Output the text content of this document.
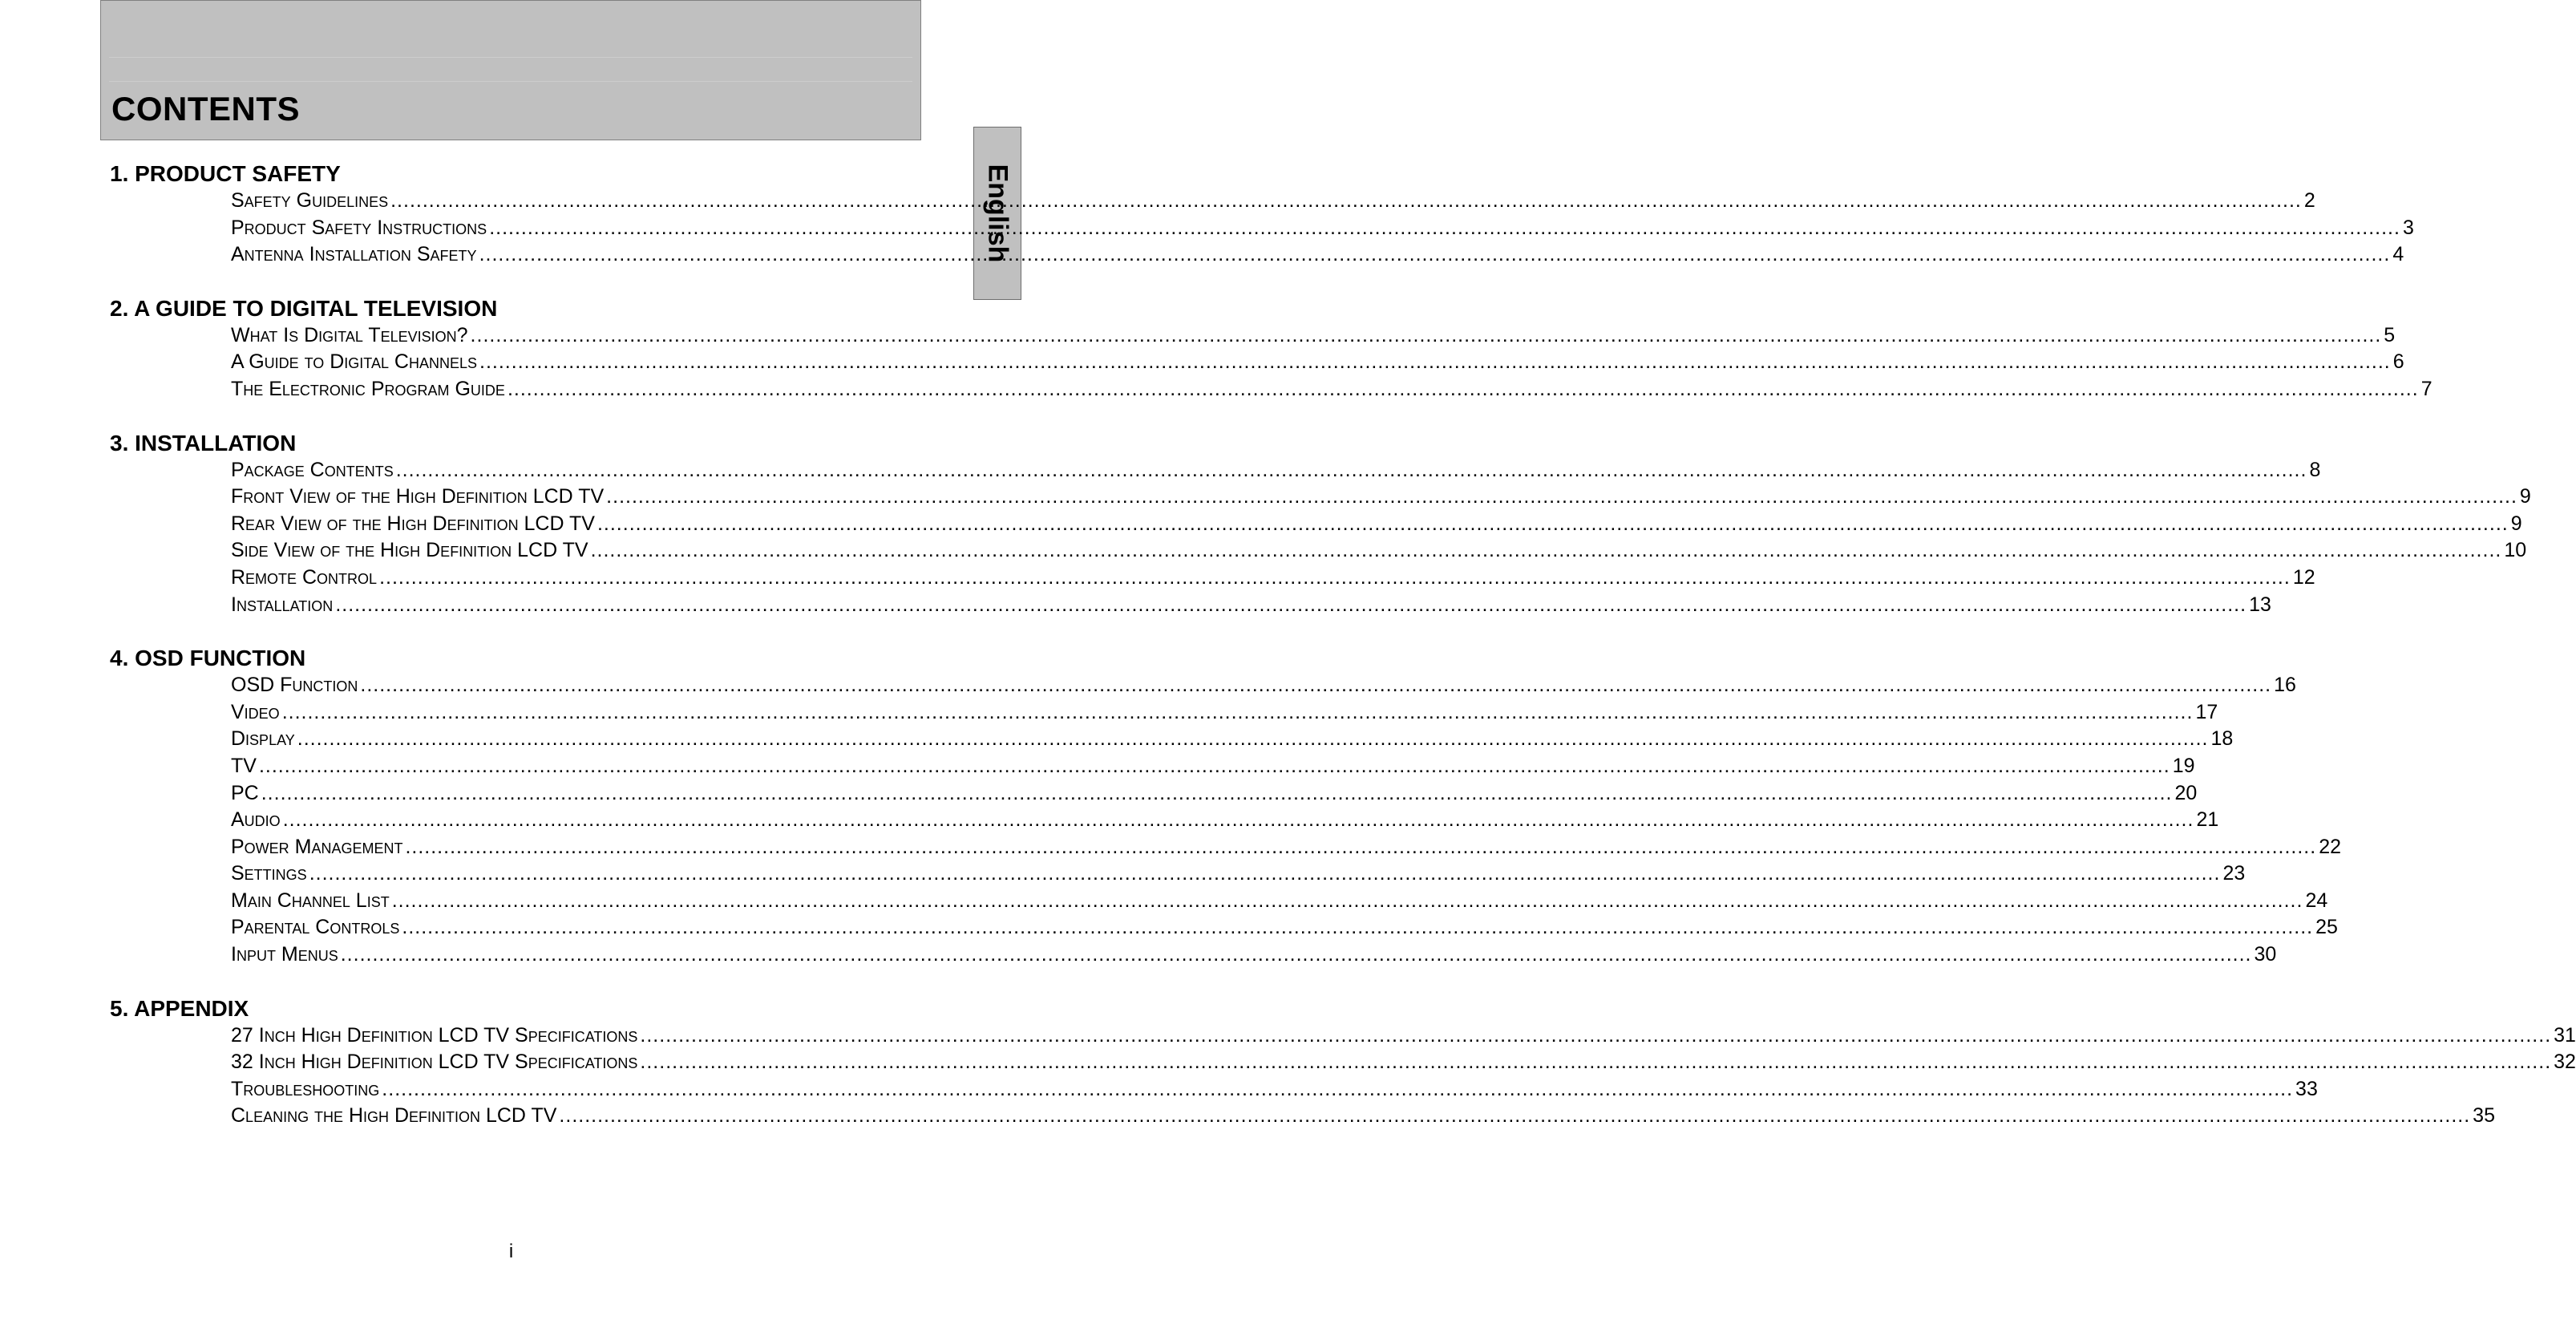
CONTENTS
English
1. PRODUCT SAFETY
Safety Guidelines ............................................................................................................................................................................................................................................................................................................ 2
Product Safety Instructions ............................................................................................................................................................................................................................................................................................................ 3
Antenna Installation Safety ............................................................................................................................................................................................................................................................................................................ 4
2. A GUIDE TO DIGITAL TELEVISION
What Is Digital Television? ............................................................................................................................................................................................................................................................................................................ 5
A Guide to Digital Channels ............................................................................................................................................................................................................................................................................................................ 6
The Electronic Program Guide ............................................................................................................................................................................................................................................................................................................ 7
3. INSTALLATION
Package Contents ............................................................................................................................................................................................................................................................................................................ 8
Front View of the High Definition LCD TV ............................................................................................................................................................................................................................................................................................................ 9
Rear View of the High Definition LCD TV ............................................................................................................................................................................................................................................................................................................ 9
Side View of the High Definition LCD TV ............................................................................................................................................................................................................................................................................................................ 10
Remote Control ............................................................................................................................................................................................................................................................................................................ 12
Installation ............................................................................................................................................................................................................................................................................................................ 13
4. OSD FUNCTION
OSD Function ............................................................................................................................................................................................................................................................................................................ 16
Video ............................................................................................................................................................................................................................................................................................................ 17
Display ............................................................................................................................................................................................................................................................................................................ 18
TV ............................................................................................................................................................................................................................................................................................................ 19
PC ............................................................................................................................................................................................................................................................................................................ 20
Audio ............................................................................................................................................................................................................................................................................................................ 21
Power Management ............................................................................................................................................................................................................................................................................................................ 22
Settings ............................................................................................................................................................................................................................................................................................................ 23
Main Channel List ............................................................................................................................................................................................................................................................................................................ 24
Parental Controls ............................................................................................................................................................................................................................................................................................................ 25
Input Menus ............................................................................................................................................................................................................................................................................................................ 30
5. APPENDIX
27 Inch High Definition LCD TV Specifications ............................................................................................................................................................................................................................................................................................................ 31
32 Inch High Definition LCD TV Specifications ............................................................................................................................................................................................................................................................................................................ 32
Troubleshooting ............................................................................................................................................................................................................................................................................................................ 33
Cleaning the High Definition LCD TV ............................................................................................................................................................................................................................................................................................................ 35
i
